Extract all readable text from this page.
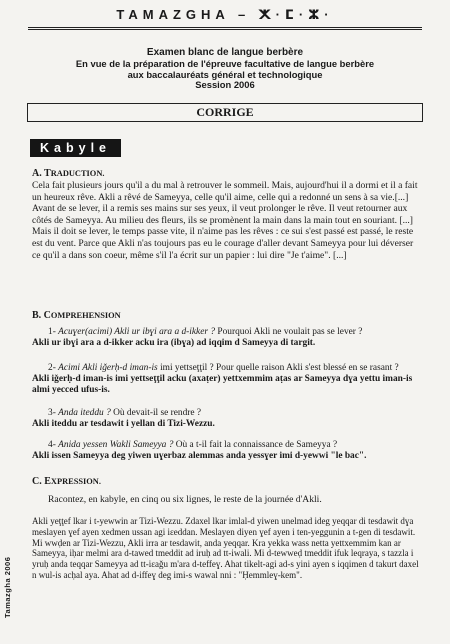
TAMAZGHA – ⵅ·ⵎ·ⵣ·
Examen blanc de langue berbère
En vue de la préparation de l'épreuve facultative de langue berbère
aux baccalauréats général et technologique
Session 2006
CORRIGE
Kabyle
A. TRADUCTION.
Cela fait plusieurs jours qu'il a du mal à retrouver le sommeil. Mais, aujourd'hui il a dormi et il a fait un heureux rêve. Akli a rêvé de Sameyya, celle qu'il aime, celle qui a redonné un sens à sa vie.[...]
Avant de se lever, il a remis ses mains sur ses yeux, il veut prolonger le rêve. Il veut retourner aux côtés de Sameyya. Au milieu des fleurs, ils se promènent la main dans la main tout en souriant. [...]
Mais il doit se lever, le temps passe vite, il n'aime pas les rêves : ce sui s'est passé est passé, le reste est du vent. Parce que Akli n'as toujours pas eu le courage d'aller devant Sameyya pour lui déverser ce qu'il a dans son coeur, même s'il l'a écrit sur un papier : lui dire "Je t'aime". [...]
B. COMPREHENSION
1- Acuɣer(acimi) Akli ur ibɣi ara a d-ikker ? Pourquoi Akli ne voulait pas se lever ?
Akli ur ibɣi ara a d-ikker acku ira (ibɣa) ad iqqim d Sameyya di targit.
2- Acimi Akli iǧerḥ-d iman-is imi yettseţţil ? Pour quelle raison Akli s'est blessé en se rasant ?
Akli iǧerḥ-d iman-is imi yettseţţil acku (axaṭer) yettxemmim aṭas ar Sameyya dɣa yettu iman-is almi yecced ufus-is.
3- Anda iteddu ? Où devait-il se rendre ?
Akli iteddu ar tesdawit i yellan di Tizi-Wezzu.
4- Anida yessen Wakli Sameyya ? Où a t-il fait la connaissance de Sameyya ?
Akli issen Sameyya deg yiwen uɣerbaz alemmas anda yessɣer imi d-yewwi "le bac".
C. EXPRESSION.
Racontez, en kabyle, en cinq ou six lignes, le reste de la journée d'Akli.
Akli yeţţef lkar i t-yewwin ar Tizi-Wezzu. Zdaxel lkar imlal-d yiwen unelmad ideg yeqqar di tesdawit dɣa meslayen ɣef ayen xedmen ussan agi iɛeddan. Meslayen diyen ɣef ayen i ten-yeggunin a t-gen di tesdawit. Mi wwḍen ar Tizi-Wezzu, Akli irra ar tesdawit, anda yeqqar. Kra yekka wass netta yettxemmim kan ar Sameyya, iḥar melmi ara d-tawed tmeddit ad iruḥ ad tt-iwali. Mi d-tewweḍ tmeddit ifuk leqraya, s tazzla i yruḥ anda teqqar Sameyya ad tt-iɛaǧu m'ara d-teffeɣ. Ahat tikelt-agi ad-s yini ayen s iqqimen d takurt daxel n wul-is acḥal aya. Ahat ad d-iffeɣ deg imi-s wawal nni : "Ḥemmleɣ-kem".
Tamazgha 2006
